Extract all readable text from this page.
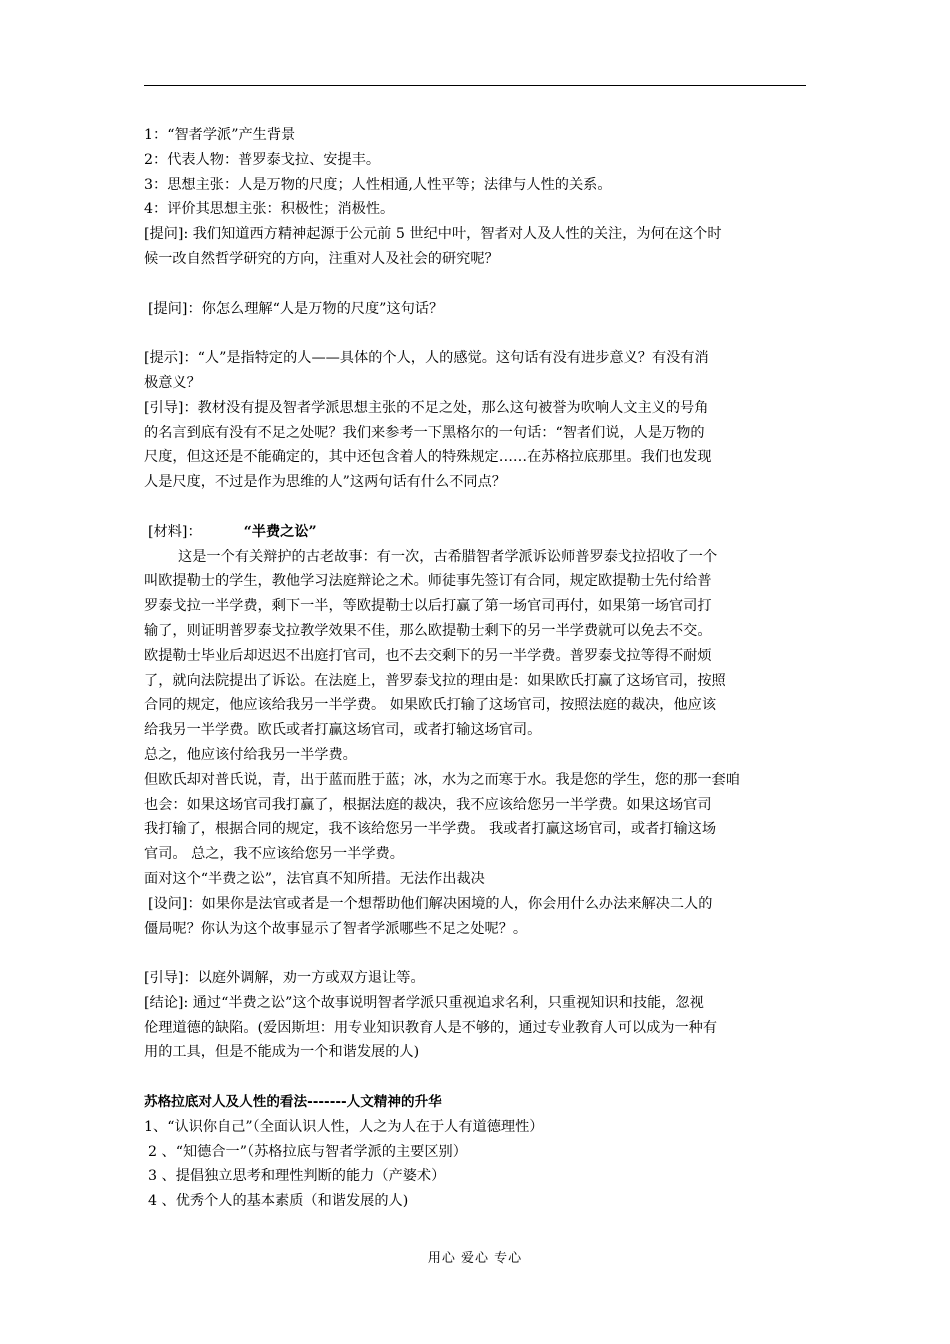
1：“智者学派”产生背景

2：代表人物：普罗泰戈拉、安提丰。

3：思想主张：人是万物的尺度；人性相通,人性平等；法律与人性的关系。

4：评价其思想主张：积极性；消极性。

[提问]: 我们知道西方精神起源于公元前 5 世纪中叶，智者对人及人性的关注，为何在这个时

候一改自然哲学研究的方向，注重对人及社会的研究呢？

[提问]：你怎么理解“人是万物的尺度”这句话？

[提示]：“人”是指特定的人——具体的个人，人的感觉。这句话有没有进步意义？有没有消

极意义？

[引导]：教材没有提及智者学派思想主张的不足之处，那么这句被誉为吹响人文主义的号角

的名言到底有没有不足之处呢？我们来参考一下黑格尔的一句话：“智者们说，人是万物的

尺度，但这还是不能确定的，其中还包含着人的特殊规定……在苏格拉底那里。我们也发现

人是尺度，不过是作为思维的人”这两句话有什么不同点？

[材料]：	“半费之讼”

这是一个有关辩护的古老故事：有一次，古希腊智者学派诉讼师普罗泰戈拉招收了一个

叫欧提勒士的学生，教他学习法庭辩论之术。师徒事先签订有合同，规定欧提勒士先付给普

罗泰戈拉一半学费，剩下一半，等欧提勒士以后打赢了第一场官司再付，如果第一场官司打

输了，则证明普罗泰戈拉教学效果不佳，那么欧提勒士剩下的另一半学费就可以免去不交。

欧提勒士毕业后却迟迟不出庭打官司，也不去交剩下的另一半学费。普罗泰戈拉等得不耐烦

了，就向法院提出了诉讼。在法庭上，普罗泰戈拉的理由是：如果欧氏打赢了这场官司，按照

合同的规定，他应该给我另一半学费。 如果欧氏打输了这场官司，按照法庭的裁决，他应该

给我另一半学费。欧氏或者打赢这场官司，或者打输这场官司。

总之，他应该付给我另一半学费。

但欧氏却对普氏说，青，出于蓝而胜于蓝；冰，水为之而寒于水。我是您的学生，您的那一套咱

也会：如果这场官司我打赢了，根据法庭的裁决，我不应该给您另一半学费。如果这场官司

我打输了，根据合同的规定，我不该给您另一半学费。 我或者打赢这场官司，或者打输这场

官司。 总之，我不应该给您另一半学费。

面对这个“半费之讼”，法官真不知所措。无法作出裁决

[设问]：如果你是法官或者是一个想帮助他们解决困境的人，你会用什么办法来解决二人的

僵局呢？你认为这个故事显示了智者学派哪些不足之处呢？。

[引导]：以庭外调解，劝一方或双方退让等。

[结论]: 通过“半费之讼”这个故事说明智者学派只重视追求名利，只重视知识和技能，忽视

伦理道德的缺陷。(爱因斯坦：用专业知识教育人是不够的，通过专业教育人可以成为一种有

用的工具，但是不能成为一个和谐发展的人)

苏格拉底对人及人性的看法-------人文精神的升华

1、“认识你自己”（全面认识人性，人之为人在于人有道德理性）

2 、“知德合一”（苏格拉底与智者学派的主要区别）

3 、提倡独立思考和理性判断的能力（产婆术）

4 、优秀个人的基本素质（和谐发展的人)

用心 爱心 专心
